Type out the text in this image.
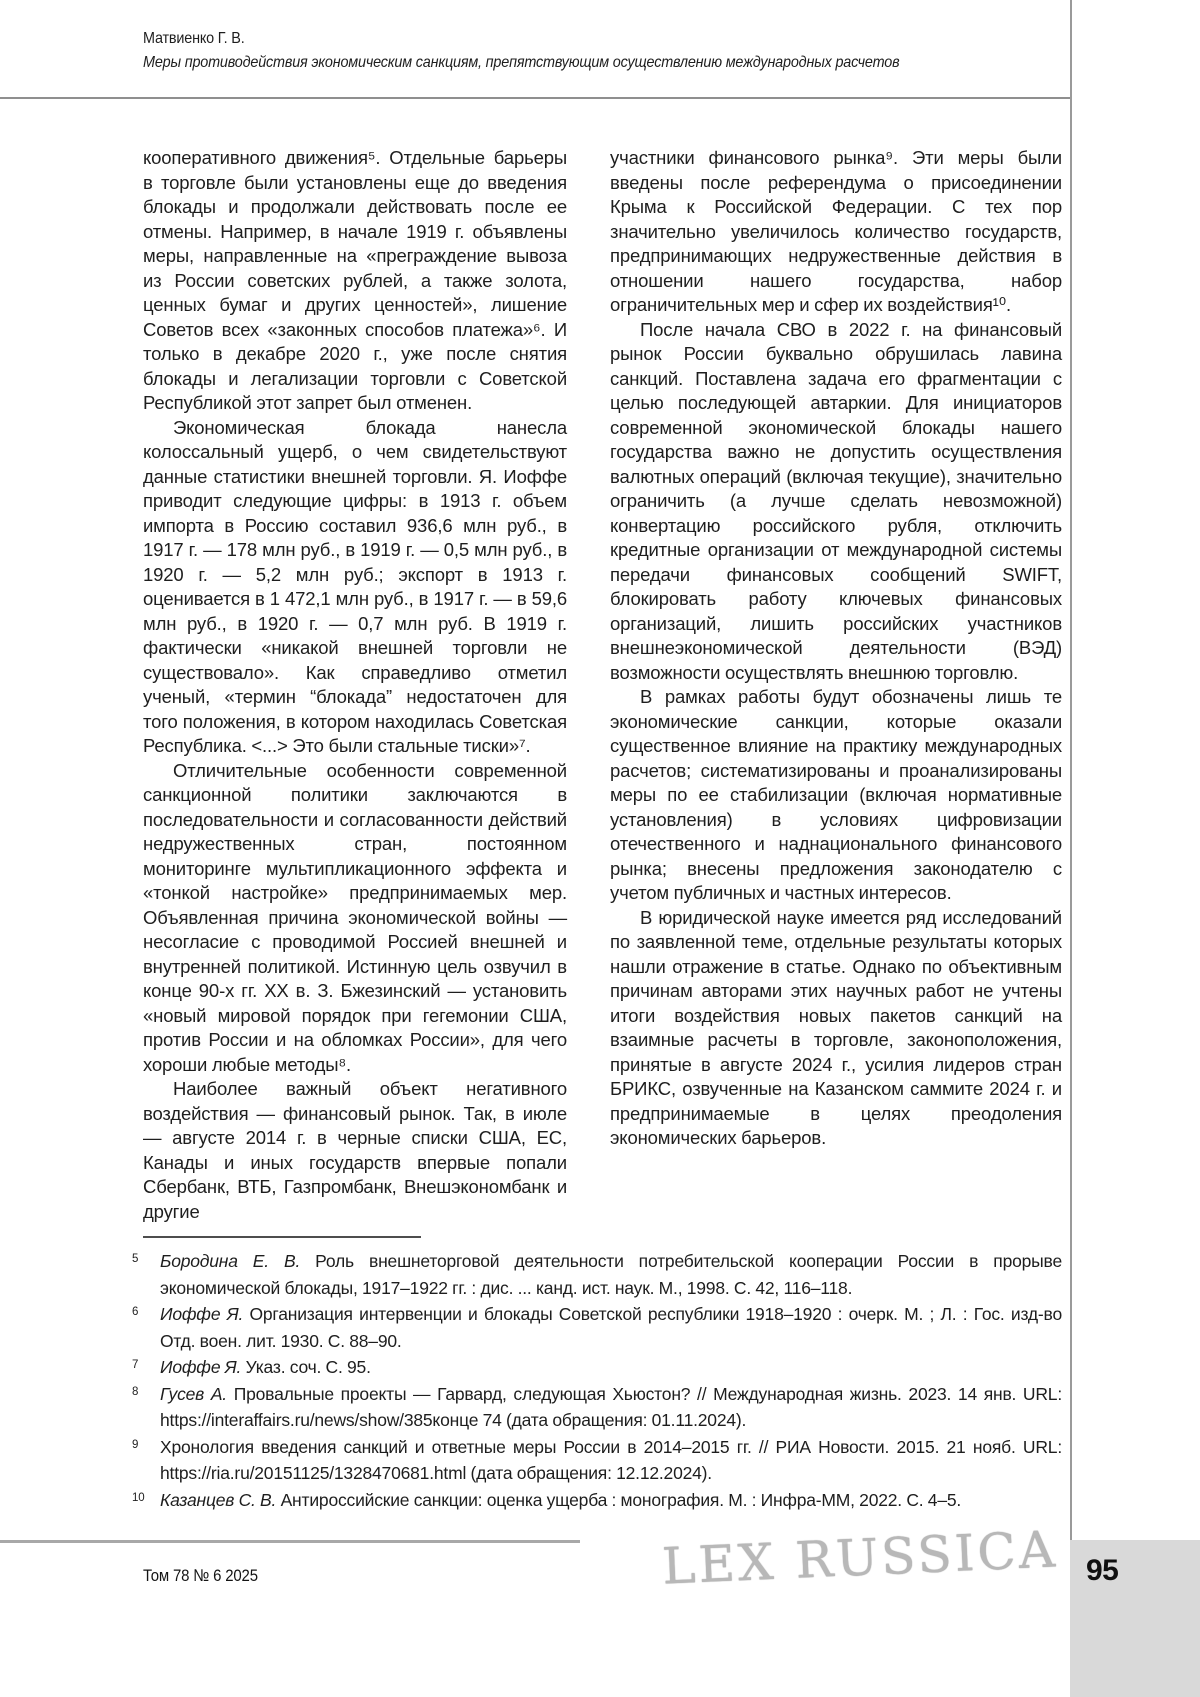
Матвиенко Г. В.
Меры противодействия экономическим санкциям, препятствующим осуществлению международных расчетов

кооперативного движения⁵. Отдельные барьеры в торговле были установлены еще до введения блокады и продолжали действовать после ее отмены. Например, в начале 1919 г. объявлены меры, направленные на «преграждение вывоза из России советских рублей, а также золота, ценных бумаг и других ценностей», лишение Советов всех «законных способов платежа»⁶. И только в декабре 2020 г., уже после снятия блокады и легализации торговли с Советской Республикой этот запрет был отменен.

Экономическая блокада нанесла колоссальный ущерб, о чем свидетельствуют данные статистики внешней торговли. Я. Иоффе приводит следующие цифры: в 1913 г. объем импорта в Россию составил 936,6 млн руб., в 1917 г. — 178 млн руб., в 1919 г. — 0,5 млн руб., в 1920 г. — 5,2 млн руб.; экспорт в 1913 г. оценивается в 1 472,1 млн руб., в 1917 г. — в 59,6 млн руб., в 1920 г. — 0,7 млн руб. В 1919 г. фактически «никакой внешней торговли не существовало». Как справедливо отметил ученый, «термин “блокада” недостаточен для того положения, в котором находилась Советская Республика. <...> Это были стальные тиски»⁷.

Отличительные особенности современной санкционной политики заключаются в последовательности и согласованности действий недружественных стран, постоянном мониторинге мультипликационного эффекта и «тонкой настройке» предпринимаемых мер. Объявленная причина экономической войны — несогласие с проводимой Россией внешней и внутренней политикой. Истинную цель озвучил в конце 90-х гг. XX в. З. Бжезинский — установить «новый мировой порядок при гегемонии США, против России и на обломках России», для чего хороши любые методы⁸.

Наиболее важный объект негативного воздействия — финансовый рынок. Так, в июле — августе 2014 г. в черные списки США, ЕС, Канады и иных государств впервые попали Сбербанк, ВТБ, Газпромбанк, Внешэкономбанк и другие

участники финансового рынка⁹. Эти меры были введены после референдума о присоединении Крыма к Российской Федерации. С тех пор значительно увеличилось количество государств, предпринимающих недружественные действия в отношении нашего государства, набор ограничительных мер и сфер их воздействия¹⁰.

После начала СВО в 2022 г. на финансовый рынок России буквально обрушилась лавина санкций. Поставлена задача его фрагментации с целью последующей автаркии. Для инициаторов современной экономической блокады нашего государства важно не допустить осуществления валютных операций (включая текущие), значительно ограничить (а лучше сделать невозможной) конвертацию российского рубля, отключить кредитные организации от международной системы передачи финансовых сообщений SWIFT, блокировать работу ключевых финансовых организаций, лишить российских участников внешнеэкономической деятельности (ВЭД) возможности осуществлять внешнюю торговлю.

В рамках работы будут обозначены лишь те экономические санкции, которые оказали существенное влияние на практику международных расчетов; систематизированы и проанализированы меры по ее стабилизации (включая нормативные установления) в условиях цифровизации отечественного и наднационального финансового рынка; внесены предложения законодателю с учетом публичных и частных интересов.

В юридической науке имеется ряд исследований по заявленной теме, отдельные результаты которых нашли отражение в статье. Однако по объективным причинам авторами этих научных работ не учтены итоги воздействия новых пакетов санкций на взаимные расчеты в торговле, законоположения, принятые в августе 2024 г., усилия лидеров стран БРИКС, озвученные на Казанском саммите 2024 г. и предпринимаемые в целях преодоления экономических барьеров.

5	Бородина Е. В. Роль внешнеторговой деятельности потребительской кооперации России в прорыве экономической блокады, 1917–1922 гг. : дис. ... канд. ист. наук. М., 1998. С. 42, 116–118.
6	Иоффе Я. Организация интервенции и блокады Советской республики 1918–1920 : очерк. М. ; Л. : Гос. изд-во Отд. воен. лит. 1930. С. 88–90.
7	Иоффе Я. Указ. соч. С. 95.
8	Гусев А. Провальные проекты — Гарвард, следующая Хьюстон? // Международная жизнь. 2023. 14 янв. URL: https://interaffairs.ru/news/show/385конце 74 (дата обращения: 01.11.2024).
9	Хронология введения санкций и ответные меры России в 2014–2015 гг. // РИА Новости. 2015. 21 нояб. URL: https://ria.ru/20151125/1328470681.html (дата обращения: 12.12.2024).
10 Казанцев С. В. Антироссийские санкции: оценка ущерба : монография. М. : Инфра-ММ, 2022. С. 4–5.
Том 78 № 6 2025	LEX RUSSICA 95
